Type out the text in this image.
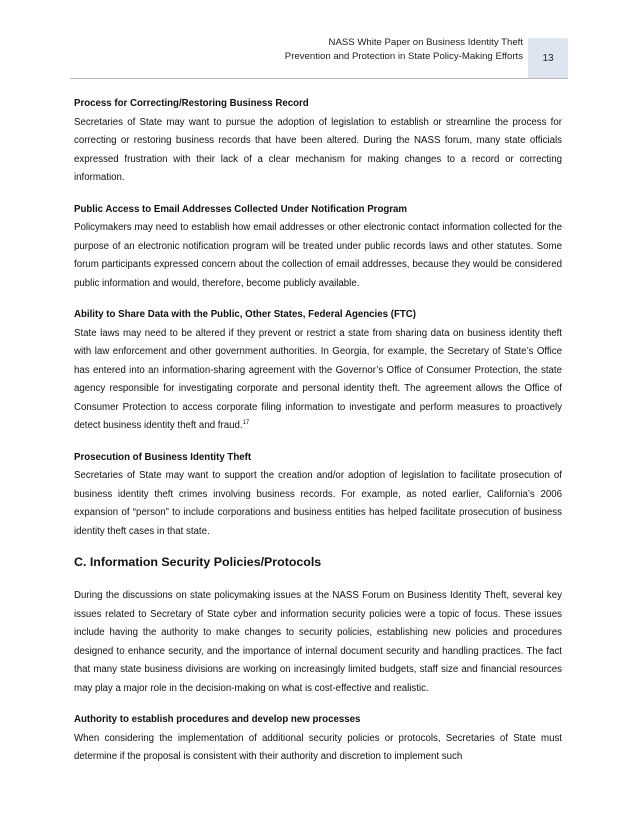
NASS White Paper on Business Identity Theft
Prevention and Protection in State Policy-Making Efforts 13

Process for Correcting/Restoring Business Record
Secretaries of State may want to pursue the adoption of legislation to establish or streamline the process for correcting or restoring business records that have been altered. During the NASS forum, many state officials expressed frustration with their lack of a clear mechanism for making changes to a record or correcting information.

Public Access to Email Addresses Collected Under Notification Program
Policymakers may need to establish how email addresses or other electronic contact information collected for the purpose of an electronic notification program will be treated under public records laws and other statutes. Some forum participants expressed concern about the collection of email addresses, because they would be considered public information and would, therefore, become publicly available.

Ability to Share Data with the Public, Other States, Federal Agencies (FTC)
State laws may need to be altered if they prevent or restrict a state from sharing data on business identity theft with law enforcement and other government authorities. In Georgia, for example, the Secretary of State’s Office has entered into an information-sharing agreement with the Governor’s Office of Consumer Protection, the state agency responsible for investigating corporate and personal identity theft. The agreement allows the Office of Consumer Protection to access corporate filing information to investigate and perform measures to proactively detect business identity theft and fraud.$^{17}$

Prosecution of Business Identity Theft
Secretaries of State may want to support the creation and/or adoption of legislation to facilitate prosecution of business identity theft crimes involving business records. For example, as noted earlier, California’s 2006 expansion of “person” to include corporations and business entities has helped facilitate prosecution of business identity theft cases in that state.

C. Information Security Policies/Protocols

During the discussions on state policymaking issues at the NASS Forum on Business Identity Theft, several key issues related to Secretary of State cyber and information security policies were a topic of focus. These issues include having the authority to make changes to security policies, establishing new policies and procedures designed to enhance security, and the importance of internal document security and handling practices. The fact that many state business divisions are working on increasingly limited budgets, staff size and financial resources may play a major role in the decision-making on what is cost-effective and realistic.

Authority to establish procedures and develop new processes
When considering the implementation of additional security policies or protocols, Secretaries of State must determine if the proposal is consistent with their authority and discretion to implement such
